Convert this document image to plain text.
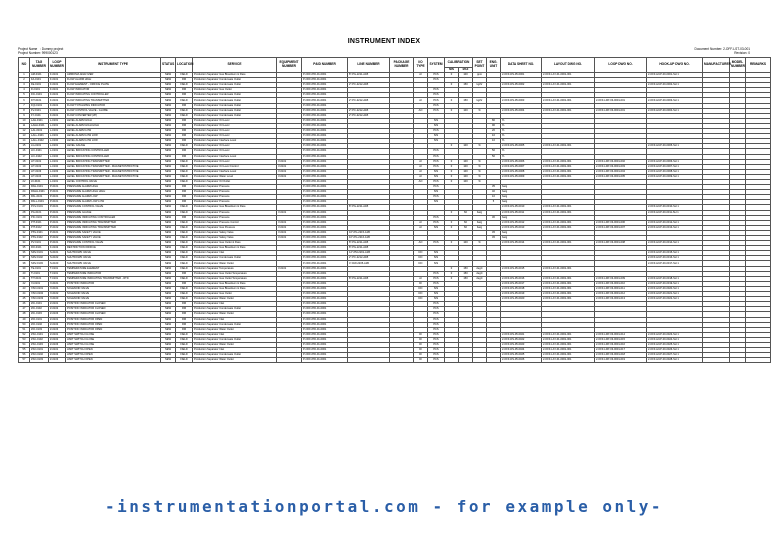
INSTRUMENT INDEX
Project Name : Dummy project
Project Number: 999000123
Document Number: 2-OFF-LST-03-001
Revision: 0
NO	TAG NUMBER	LOOP NUMBER	INSTRUMENT TYPE	STATUS	LOCATION	SERVICE	EQUIPMENT NUMBER	P&ID NUMBER	LINE NUMBER	PACKAGE NUMBER	I/O TYPE	SYSTEM	CALIBRATION		SET POINT	ENG. UNIT	DATA SHEET NO.	LAYOUT DWG NO.	LOOP DWG NO.	HOOK-UP DWG NO.	MANUFACTURER	MODEL NUMBER	REMARKS
													MIN	MAX									
1	AM-0101	F-0101	AMMONIA ANALYZER	NEW	FIELD	Production Separator Gas Blowdown & Flare		P-OFF-PID-01-0001	8"-PG-2211-A1B		AI	PCS	0	100	ppm		2-OFF-DS-05-0001	2-OFF-LAY-01-0001-001		2-OFF-HUP-00-0001-SH 1			
2	FA-0101	F-0101	FLOW ALARM HIGH	NEW	RM	Production Separator Condensate Outlet		P-OFF-PID-01-0001				PCS											
3	FE-0101	F-0101	FLOW ELEMENT - ORIFICE PLATE	NEW	FIELD	Production Separator Condensate Outlet		P-OFF-PID-01-0001	2"-PC-2212-A1B				0	150	kg/hr		2-OFF-DS-05-0002	2-OFF-LAY-01-0001-001		2-OFF-HUP-00-0002-SH 1			
4	FI-0101	F-0101	FLOW INDICATOR	NEW	RM	Production Separator Gas Outlet		P-OFF-PID-01-0001				PCS											
5	FIC-0101	F-0101	FLOW INDICATING CONTROLLER	NEW	RM	Production Separator Condensate Outlet		P-OFF-PID-01-0001				PCS											
6	FIT-0101	F-0101	FLOW INDICATING TRANSMITTER	NEW	FIELD	Production Separator Condensate Outlet		P-OFF-PID-01-0001	2"-PC-2212-A1B		AI	PCS	0	150	kg/hr		2-OFF-DS-05-0003	2-OFF-LAY-01-0001-001	2-OFF-LDP-03-0001-001	2-OFF-HUP-00-0003-SH 1			
7	FQI-0101	F-0101	FLOW TOTALIZING INDICATOR	NEW	RM	Production Separator Condensate Outlet		P-OFF-PID-01-0001				PCS											
8	FV-0101	F-0101	FLOW CONTROL VALVE - GLOBE	NEW	FIELD	Production Separator Condensate Outlet		P-OFF-PID-01-0001	2"-PC-2212-A1B		AO	PCS	0	100	%		2-OFF-DS-05-0004	2-OFF-LAY-01-0001-001	2-OFF-LDP-03-0001-001	2-OFF-HUP-00-0004-SH 1			
9	FY-0101	F-0101	FLOW CONVERTER (I/P)	NEW	FIELD	Production Separator Condensate Outlet		P-OFF-PID-01-0001	2"-PC-2212-A1B														
10	LAH-0101	L-0101	LEVEL ALARM HIGH	NEW	RM	Production Separator Oil Level		P-OFF-PID-01-0001				SIS				80	%						
11	LAHH-0101	L-0101	LEVEL ALARM HIGH HIGH	NEW	RM	Production Separator Oil Level		P-OFF-PID-01-0001				SIS				90	%						
12	LAL-0101	L-0101	LEVEL ALARM LOW	NEW	RM	Production Separator Oil Level		P-OFF-PID-01-0001				PCS				20	%						
13	LALL-0101	L-0101	LEVEL ALARM LOW LOW	NEW	RM	Production Separator Oil Level		P-OFF-PID-01-0001				SIS				10	%						
14	LALL-0102	L-0102	LEVEL ALARM LOW LOW	NEW	RM	Production Separator Interface Level		P-OFF-PID-01-0001				SIS				10	%						
15	LG-0101	L-0101	LEVEL GAUGE	NEW	FIELD	Production Separator Oil Level		P-OFF-PID-01-0001					0	100	%		2-OFF-DS-05-0005	2-OFF-LAY-01-0001-001		2-OFF-HUP-00-0005-SH 1			
16	LIC-0101	L-0101	LEVEL INDICATING CONTROLLER	NEW	RM	Production Separator Oil Level		P-OFF-PID-01-0001				PCS				50	%						
17	LIC-0102	L-0102	LEVEL INDICATING CONTROLLER	NEW	RM	Production Separator Interface Level		P-OFF-PID-01-0001				PCS				50	%						
18	LIT-0101	L-0101	LEVEL INDICATING TRANSMITTER	NEW	FIELD	Production Separator Oil Level	V-0101	P-OFF-PID-01-0001			AI	PCS	0	100	%		2-OFF-DS-05-0006	2-OFF-LAY-01-0001-001	2-OFF-LDP-03-0001-002	2-OFF-HUP-00-0006-SH 1			
19	LIT-0102	L-0102	LEVEL INDICATING TRANSMITTER - MAGNETOSTRICTIVE	NEW	FIELD	Production Separator Oil Level Control	V-0101	P-OFF-PID-01-0001			AI	PCS	0	100	%		2-OFF-DS-05-0007	2-OFF-LAY-01-0001-001	2-OFF-LDP-03-0001-003	2-OFF-HUP-00-0007-SH 1			
20	LIT-0103	L-0103	LEVEL INDICATING TRANSMITTER - MAGNETOSTRICTIVE	NEW	FIELD	Production Separator Interface Level	V-0101	P-OFF-PID-01-0001			AI	SIS	0	100	%		2-OFF-DS-05-0008	2-OFF-LAY-01-0001-001	2-OFF-LDP-03-0001-004	2-OFF-HUP-00-0008-SH 1			
21	LIT-0104	L-0104	LEVEL INDICATING TRANSMITTER - MAGNETOSTRICTIVE	NEW	FIELD	Production Separator Water Level	V-0101	P-OFF-PID-01-0001			AI	SIS	0	100	%		2-OFF-DS-05-0009	2-OFF-LAY-01-0001-001	2-OFF-LDP-03-0001-005	2-OFF-HUP-00-0009-SH 1			
22	LV-0101	L-0101	LEVEL CONTROL VALVE	NEW	FIELD	Production Separator Oil Outlet		P-OFF-PID-01-0001			AO	PCS	0	100	%								
23	PAH-0101	P-0101	PRESSURE ALARM HIGH	NEW	RM	Production Separator Pressure		P-OFF-PID-01-0001				PCS				35	barg						
24	PAHH-0101	P-0101	PRESSURE ALARM HIGH HIGH	NEW	RM	Production Separator Pressure		P-OFF-PID-01-0001				SIS				40	barg						
25	PAL-0101	P-0101	PRESSURE ALARM LOW	NEW	RM	Production Separator Pressure		P-OFF-PID-01-0001				PCS				10	barg						
26	PALL-0101	P-0101	PRESSURE ALARM LOW LOW	NEW	RM	Production Separator Pressure		P-OFF-PID-01-0001				SIS				5	barg						
27	PCV-0101	P-0101	PRESSURE CONTROL VALVE	NEW	FIELD	Production Separator Gas Blowdown & Flare		P-OFF-PID-01-0001	8"-PG-2211-A1B								2-OFF-DS-05-0010	2-OFF-LAY-01-0001-001		2-OFF-HUP-00-0010-SH 1			
28	PG-0101	P-0101	PRESSURE GAUGE	NEW	FIELD	Production Separator Pressure	V-0101	P-OFF-PID-01-0001					0	60	barg		2-OFF-DS-05-0011	2-OFF-LAY-01-0001-001		2-OFF-HUP-00-0011-SH 1			
29	PIC-0101	P-0101	PRESSURE INDICATING CONTROLLER	NEW	RM	Production Separator Pressure		P-OFF-PID-01-0001				PCS				30	barg						
30	PIT-0101	P-0101	PRESSURE INDICATING TRANSMITTER	NEW	FIELD	Production Separator Pressure Control	V-0101	P-OFF-PID-01-0001			AI	PCS	0	60	barg		2-OFF-DS-05-0012	2-OFF-LAY-01-0001-001	2-OFF-LDP-03-0001-006	2-OFF-HUP-00-0012-SH 1			
31	PIT-0102	P-0102	PRESSURE INDICATING TRANSMITTER	NEW	FIELD	Production Separator Gas Pressure	V-0101	P-OFF-PID-01-0001			AI	SIS	0	60	barg		2-OFF-DS-05-0013	2-OFF-LAY-01-0001-001	2-OFF-LDP-03-0001-007	2-OFF-HUP-00-0013-SH 1			
32	PSV-0101	P-0101	PRESSURE SAFETY VALVE	NEW	FIELD	Production Separator Safety Valve	V-0101	P-OFF-PID-01-0001	10"-PG-2215-A1B							45	barg						
33	PSV-0102	P-0102	PRESSURE SAFETY VALVE	NEW	FIELD	Production Separator Safety Valve	V-0101	P-OFF-PID-01-0001	10"-PG-2216-A1B							45	barg						
34	PV-0101	P-0101	PRESSURE CONTROL VALVE	NEW	FIELD	Production Separator Gas Outlet & Flare		P-OFF-PID-01-0001	8"-PG-2211-A1B		AO	PCS	0	100	%		2-OFF-DS-05-0014	2-OFF-LAY-01-0001-001	2-OFF-LDP-03-0001-008	2-OFF-HUP-00-0014-SH 1			
35	RO-0101	F-0102	RESTRICTION ORIFICE	NEW	FIELD	Production Separator Gas Blowdown & Flare		P-OFF-PID-01-0001	8"-PG-2211-A1B														
36	SDV-0101	S-0101	SHUTDOWN VALVE	NEW	FIELD	Production Separator Inlet		P-OFF-PID-01-0001	12"-PM-2201-A1B		DO	SIS								2-OFF-HUP-00-0015-SH 1			
37	SDV-0102	S-0102	SHUTDOWN VALVE	NEW	FIELD	Production Separator Condensate Outlet		P-OFF-PID-01-0001	2"-PC-2212-A1B		DO	SIS								2-OFF-HUP-00-0016-SH 1			
38	SDV-0103	S-0103	SHUTDOWN VALVE	NEW	FIELD	Production Separator Water Outlet		P-OFF-PID-01-0001	4"-DW-2205-A1B		DO	SIS								2-OFF-HUP-00-0017-SH 1			
39	TE-0101	T-0101	TEMPERATURE ELEMENT	NEW	FIELD	Production Separator Temperature	V-0101	P-OFF-PID-01-0001					0	150	degC		2-OFF-DS-05-0015	2-OFF-LAY-01-0001-001					
40	TI-0101	T-0101	TEMPERATURE INDICATOR	NEW	RM	Production Separator Gas Outlet Temperature		P-OFF-PID-01-0001				PCS	0	150	degC								
41	TIT-0101	T-0101	TEMPERATURE INDICATING TRANSMITTER - RTD	NEW	FIELD	Production Separator Gas Outlet Temperature		P-OFF-PID-01-0001	8"-PG-2211-A1B		AI	PCS	0	150	degC		2-OFF-DS-05-0016	2-OFF-LAY-01-0001-001	2-OFF-LDP-03-0001-009	2-OFF-HUP-00-0018-SH 1			
42	XI-0101	X-0101	POSITION INDICATOR	NEW	RM	Production Separator Gas Blowdown & Flare		P-OFF-PID-01-0001			DI	PCS					2-OFF-DS-05-0017	2-OFF-LAY-01-0001-001	2-OFF-LDP-03-0001-010	2-OFF-HUP-00-0019-SH 1			
43	XSO-0101	X-0101	SOLENOID VALVE	NEW	FIELD	Production Separator Gas Blowdown & Flare		P-OFF-PID-01-0001			DO	SIS					2-OFF-DS-05-0018	2-OFF-LAY-01-0001-001	2-OFF-LDP-03-0001-011	2-OFF-HUP-00-0020-SH 1			
44	XSO-0102	X-0102	SOLENOID VALVE	NEW	FIELD	Production Separator Gas Outlet		P-OFF-PID-01-0001			DO	SIS					2-OFF-DS-05-0019	2-OFF-LAY-01-0001-001	2-OFF-LDP-03-0001-012	2-OFF-HUP-00-0021-SH 1			
45	XSO-0103	X-0103	SOLENOID VALVE	NEW	FIELD	Production Separator Water Outlet		P-OFF-PID-01-0001			DO	SIS					2-OFF-DS-05-0020	2-OFF-LAY-01-0001-001	2-OFF-LDP-03-0001-013	2-OFF-HUP-00-0022-SH 1			
46	ZIC-0101	Z-0101	POSITION INDICATOR CLOSED	NEW	RM	Production Separator Inlet		P-OFF-PID-01-0001				PCS											
47	ZIC-0102	Z-0102	POSITION INDICATOR CLOSED	NEW	RM	Production Separator Condensate Outlet		P-OFF-PID-01-0001				PCS											
48	ZIC-0103	Z-0103	POSITION INDICATOR CLOSED	NEW	RM	Production Separator Water Outlet		P-OFF-PID-01-0001				PCS											
49	ZIO-0101	Z-0101	POSITION INDICATOR OPEN	NEW	RM	Production Separator Inlet		P-OFF-PID-01-0001				PCS											
50	ZIO-0102	Z-0102	POSITION INDICATOR OPEN	NEW	RM	Production Separator Condensate Outlet		P-OFF-PID-01-0001				PCS											
51	ZIO-0103	Z-0103	POSITION INDICATOR OPEN	NEW	RM	Production Separator Water Outlet		P-OFF-PID-01-0001				PCS											
52	ZSC-0101	Z-0101	LIMIT SWITCH CLOSE	NEW	FIELD	Production Separator Inlet		P-OFF-PID-01-0001			DI	PCS					2-OFF-DS-05-0021	2-OFF-LAY-01-0001-001	2-OFF-LDP-03-0001-014	2-OFF-HUP-00-0023-SH 1			
53	ZSC-0102	Z-0102	LIMIT SWITCH CLOSE	NEW	FIELD	Production Separator Condensate Outlet		P-OFF-PID-01-0001			DI	PCS					2-OFF-DS-05-0022	2-OFF-LAY-01-0001-001	2-OFF-LDP-03-0001-015	2-OFF-HUP-00-0024-SH 1			
54	ZSC-0103	Z-0103	LIMIT SWITCH CLOSE	NEW	FIELD	Production Separator Water Outlet		P-OFF-PID-01-0001			DI	PCS					2-OFF-DS-05-0023	2-OFF-LAY-01-0001-001	2-OFF-LDP-03-0001-016	2-OFF-HUP-00-0025-SH 1			
55	ZSO-0101	Z-0101	LIMIT SWITCH OPEN	NEW	FIELD	Production Separator Inlet		P-OFF-PID-01-0001			DI	PCS					2-OFF-DS-05-0024	2-OFF-LAY-01-0001-001	2-OFF-LDP-03-0001-017	2-OFF-HUP-00-0026-SH 1			
56	ZSO-0102	Z-0102	LIMIT SWITCH OPEN	NEW	FIELD	Production Separator Condensate Outlet		P-OFF-PID-01-0001			DI	PCS					2-OFF-DS-05-0025	2-OFF-LAY-01-0001-001	2-OFF-LDP-03-0001-018	2-OFF-HUP-00-0027-SH 1			
57	ZSO-0103	Z-0103	LIMIT SWITCH OPEN	NEW	FIELD	Production Separator Water Outlet		P-OFF-PID-01-0001			DI	PCS					2-OFF-DS-05-0026	2-OFF-LAY-01-0001-001	2-OFF-LDP-03-0001-019	2-OFF-HUP-00-0028-SH 1			
-instrumentationportal.com - for example only-
